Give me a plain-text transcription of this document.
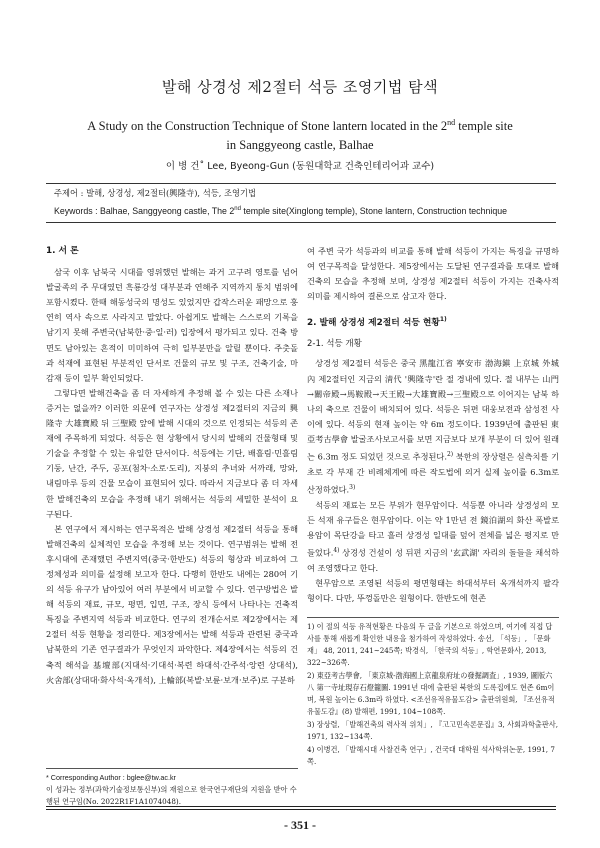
발해 상경성 제2절터 석등 조영기법 탐색
A Study on the Construction Technique of Stone lantern located in the 2nd temple site
in Sanggyeong castle, Balhae
이 병 건˚ Lee, Byeong-Gun (동원대학교 건축인테리어과 교수)
주제어 : 발해, 상경성, 제2절터(興隆寺), 석등, 조영기법
Keywords : Balhae, Sanggyeong castle, The 2nd temple site(Xinglong temple), Stone lantern, Construction technique
1. 서 론

삼국 이후 남북국 시대를 영위했던 발해는 과거 고구려 영토를 넘어 발굴족의 주 무대였던 흑룡강성 대부분과 연해주 지역까지 통치 범위에 포함시켰다. 한때 해동성국의 명성도 있었지만 갑작스러운 패망으로 훙연히 역사 속으로 사라지고 말았다. 아쉽게도 발해는 스스로의 기록을 남기지 못해 주변국(남북한·중·일·러) 입장에서 평가되고 있다. 건축 방면도 남아있는 흔적이 미미하여 극히 일부분만을 알릴 뿐이다. 주춧돌과 석재에 표현된 부분적인 단서로 건물의 규모 및 구조, 건축기술, 마감재 등이 일부 확인되었다.

그렇다면 발해건축을 좀 더 자세하게 추정해 볼 수 있는 다른 소재나 증거는 없을까? 이러한 의문에 연구자는 상경성 제2절터의 지금의 興隆寺 大雄寶殿 뒤 三聖殿 앞에 발해 시대의 것으로 인정되는 석등의 존재에 주목하게 되었다. 석등은 현 상황에서 당시의 발해의 건물형태 및 기술을 추정할 수 있는 유일한 단서이다. 석등에는 기단, 배흘림·민흘림 기둥, 난간, 주두, 공포(첨차·소로·도리), 지붕의 추녀와 서까래, 망와, 내림마루 등의 건물 모습이 표현되어 있다. 따라서 지금보다 좀 더 자세한 발해건축의 모습을 추정해 내기 위해서는 석등의 세밀한 분석이 요구된다.

본 연구에서 제시하는 연구목적은 발해 상경성 제2절터 석등을 통해 발해건축의 실체적인 모습을 추정해 보는 것이다. 연구범위는 발해 전후시대에 존재했던 주변지역(중국·한반도) 석등의 형상과 비교하여 그 정체성과 의미를 설정해 보고자 한다. 다행히 한반도 내에는 280여 기의 석등 유구가 남아있어 여러 부분에서 비교할 수 있다. 연구방법은 발해 석등의 재료, 규모, 평면, 입면, 구조, 장식 등에서 나타나는 건축적 특징을 주변지역 석등과 비교한다. 연구의 전개순서로 제2장에서는 제2절터 석등 현황을 정리한다. 제3장에서는 발해 석등과 관련된 중국과 남북한의 기존 연구결과가 무엇인지 파악한다. 제4장에서는 석등의 건축적 해석을 基壇部(지대석·기대석·복련 하대석·간주석·앙련 상대석), 火舍部(상대대·화사석·옥개석), 上輪部(복발·보륜·보개·보주)로 구분하

* Corresponding Author : bglee@tw.ac.kr
이 성과는 정부(과학기술정보통신부)의 재원으로 한국연구재단의 지원을 받아 수행된 연구임(No. 2022R1F1A1074048).

여 주변 국가 석등과의 비교를 통해 발해 석등이 가지는 특징을 규명하여 연구목적을 달성한다. 제5장에서는 도달된 연구결과를 토대로 발해건축의 모습을 추정해 보며, 상경성 제2절터 석등이 가지는 건축사적 의미를 제시하여 결론으로 삼고자 한다.

2. 발해 상경성 제2절터 석등 현황$^{1)}$
2-1. 석등 개황

상경성 제2절터 석등은 중국 黑龍江省 寧安市 渤海鎭 上京城 外城 內 제2절터인 지금의 淸代 '興隆寺'란 절 경내에 있다. 절 내부는 山門→關帝殿→馬鞍殿→天王殿→大雄寶殿→三聖殿으로 이어지는 남북 하나의 축으로 건물이 배치되어 있다. 석등은 뒤편 대웅보전과 삼성전 사이에 있다. 석등의 현재 높이는 약 6m 정도이다. 1939년에 출판된 東亞考古學會 발굴조사보고서를 보면 지금보다 보개 부분이 더 있어 원래는 6.3m 정도 되었던 것으로 추정된다.$^{2)}$ 북한의 장상렬은 실측치를 기초로 각 부재 간 비례체계에 따른 작도법에 의거 실제 높이를 6.3m로 산정하였다.$^{3)}$

석등의 재료는 모든 부위가 현무암이다. 석등뿐 아니라 상경성의 모든 석재 유구들은 현무암이다. 이는 약 1만년 전 鏡泊湖의 화산 폭발로 용암이 목단강을 타고 흘러 상경성 일대를 덮어 전체를 넓은 평지로 만들었다.$^{4)}$ 상경성 건설이 성 뒤편 지금의 '玄武湖' 자리의 돌들을 채석하여 조영했다고 한다.

현무암으로 조영된 석등의 평면형태는 하대석부터 옥개석까지 팔각형이다. 다만, 뚜껑돌만은 원형이다. 한반도에 현존

1) 이 절의 석등 유적현황은 다음의 두 글을 기본으로 하였으며, 여기에 직접 답사를 통해 새롭게 확인한 내용을 첨가하여 작성하였다. 송선, 「석등」, 「문화재」 48, 2011, 241~245쪽; 박경식, 「한국의 석등」, 학연문화사, 2013, 322~326쪽.
2) 東亞考古學會, 「東京城-渤海國上京龍泉府址の發掘調査」, 1939, 圖版六八 第一寺址現存石燈籠圖. 1991년 대에 출판된 북한의 도록집에도 현존 6m이며, 복원 높이는 6.3m라 하였다. <조선유적유물도감> 출판위원회, 『조선유적유물도감』(8) 발해편, 1991, 104~108쪽.
3) 장상렬, 「발해건축의 력사적 위치」, 『고고민속론문집』3, 사회과학출판사, 1971, 132~134쪽.
4) 이병건, 「발해시대 사찰건축 연구」, 건국대 대학원 석사학위논문, 1991, 7쪽.
- 351 -
